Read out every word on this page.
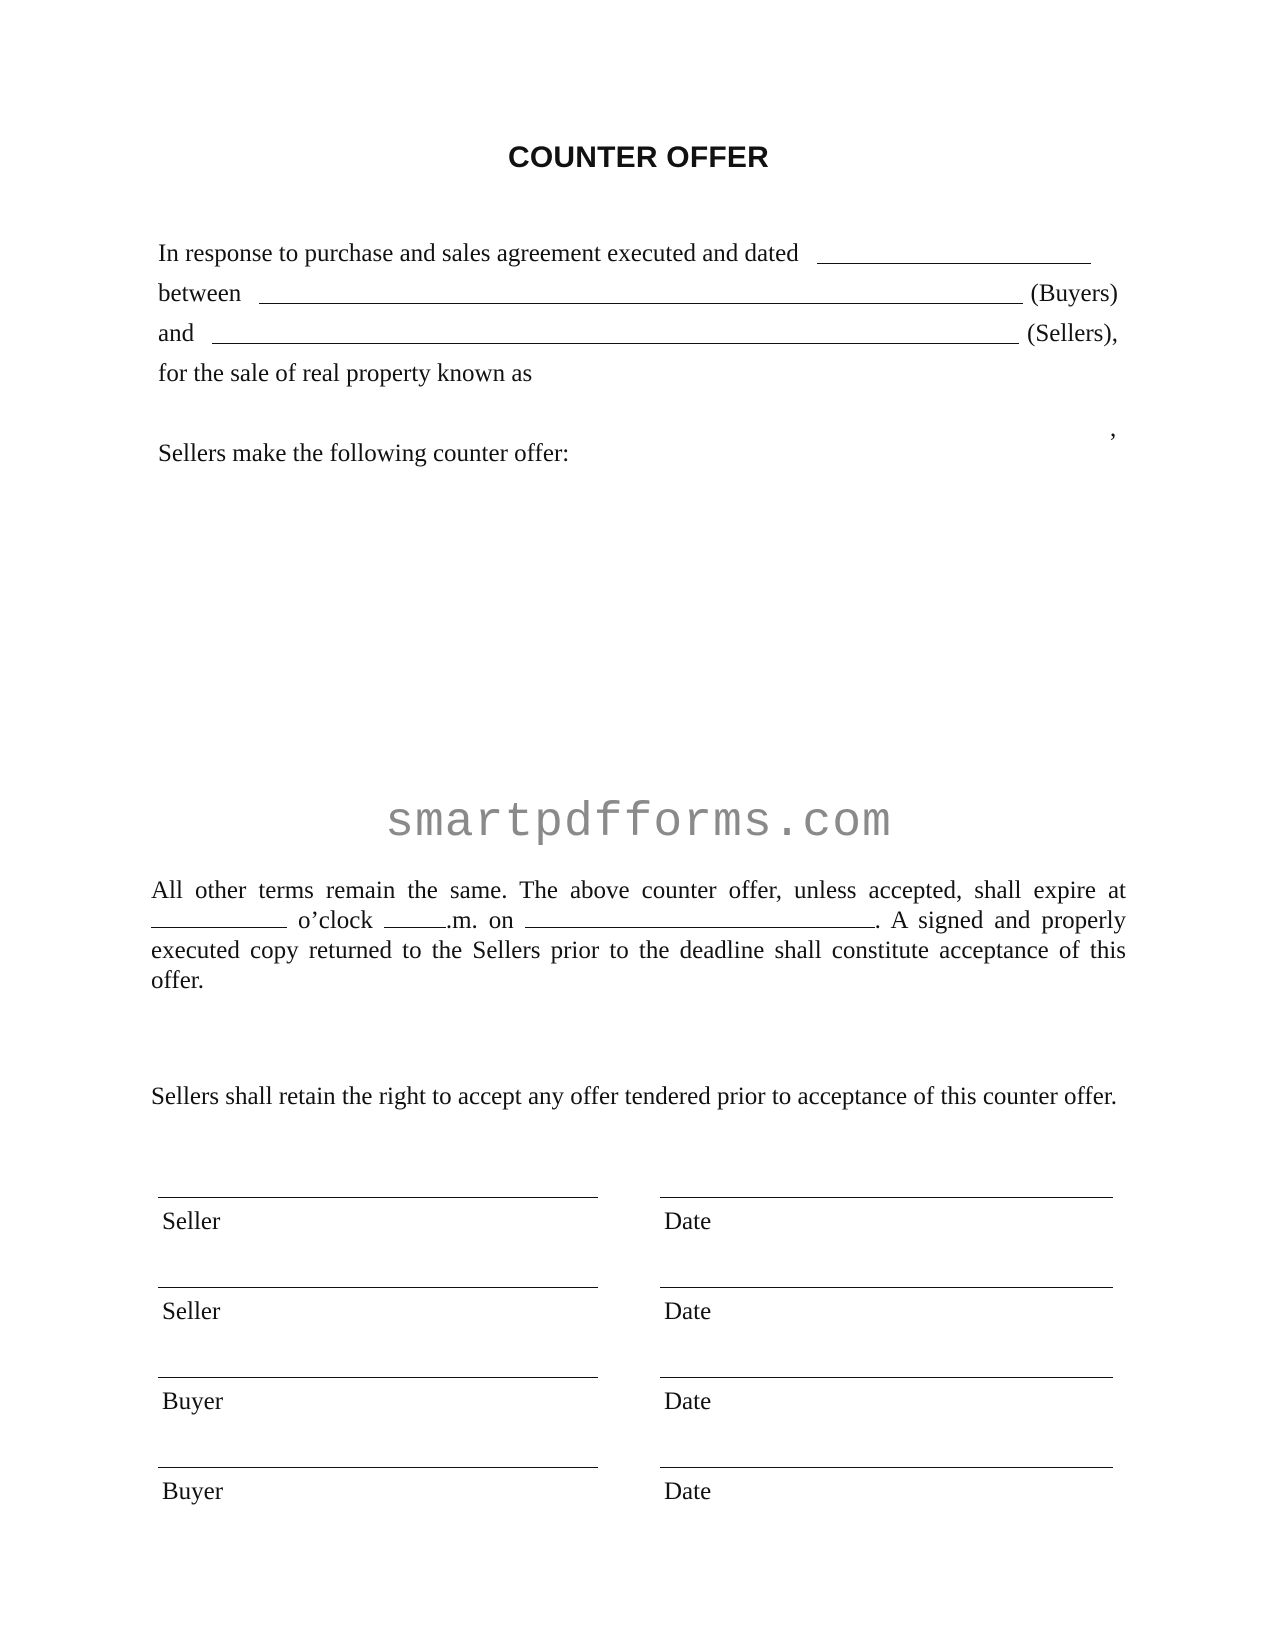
COUNTER OFFER
In response to purchase and sales agreement executed and dated
between	(Buyers)
and	(Sellers),
for the sale of real property known as
,
Sellers make the following counter offer:
smartpdfforms.com
All other terms remain the same. The above counter offer, unless accepted, shall expire at  o’clock	.m. on	. A signed and properly executed copy returned to the Sellers prior to the deadline shall constitute acceptance of this offer.
Sellers shall retain the right to accept any offer tendered prior to acceptance of this counter offer.
Seller	Date
Seller	Date
Buyer	Date
Buyer	Date
